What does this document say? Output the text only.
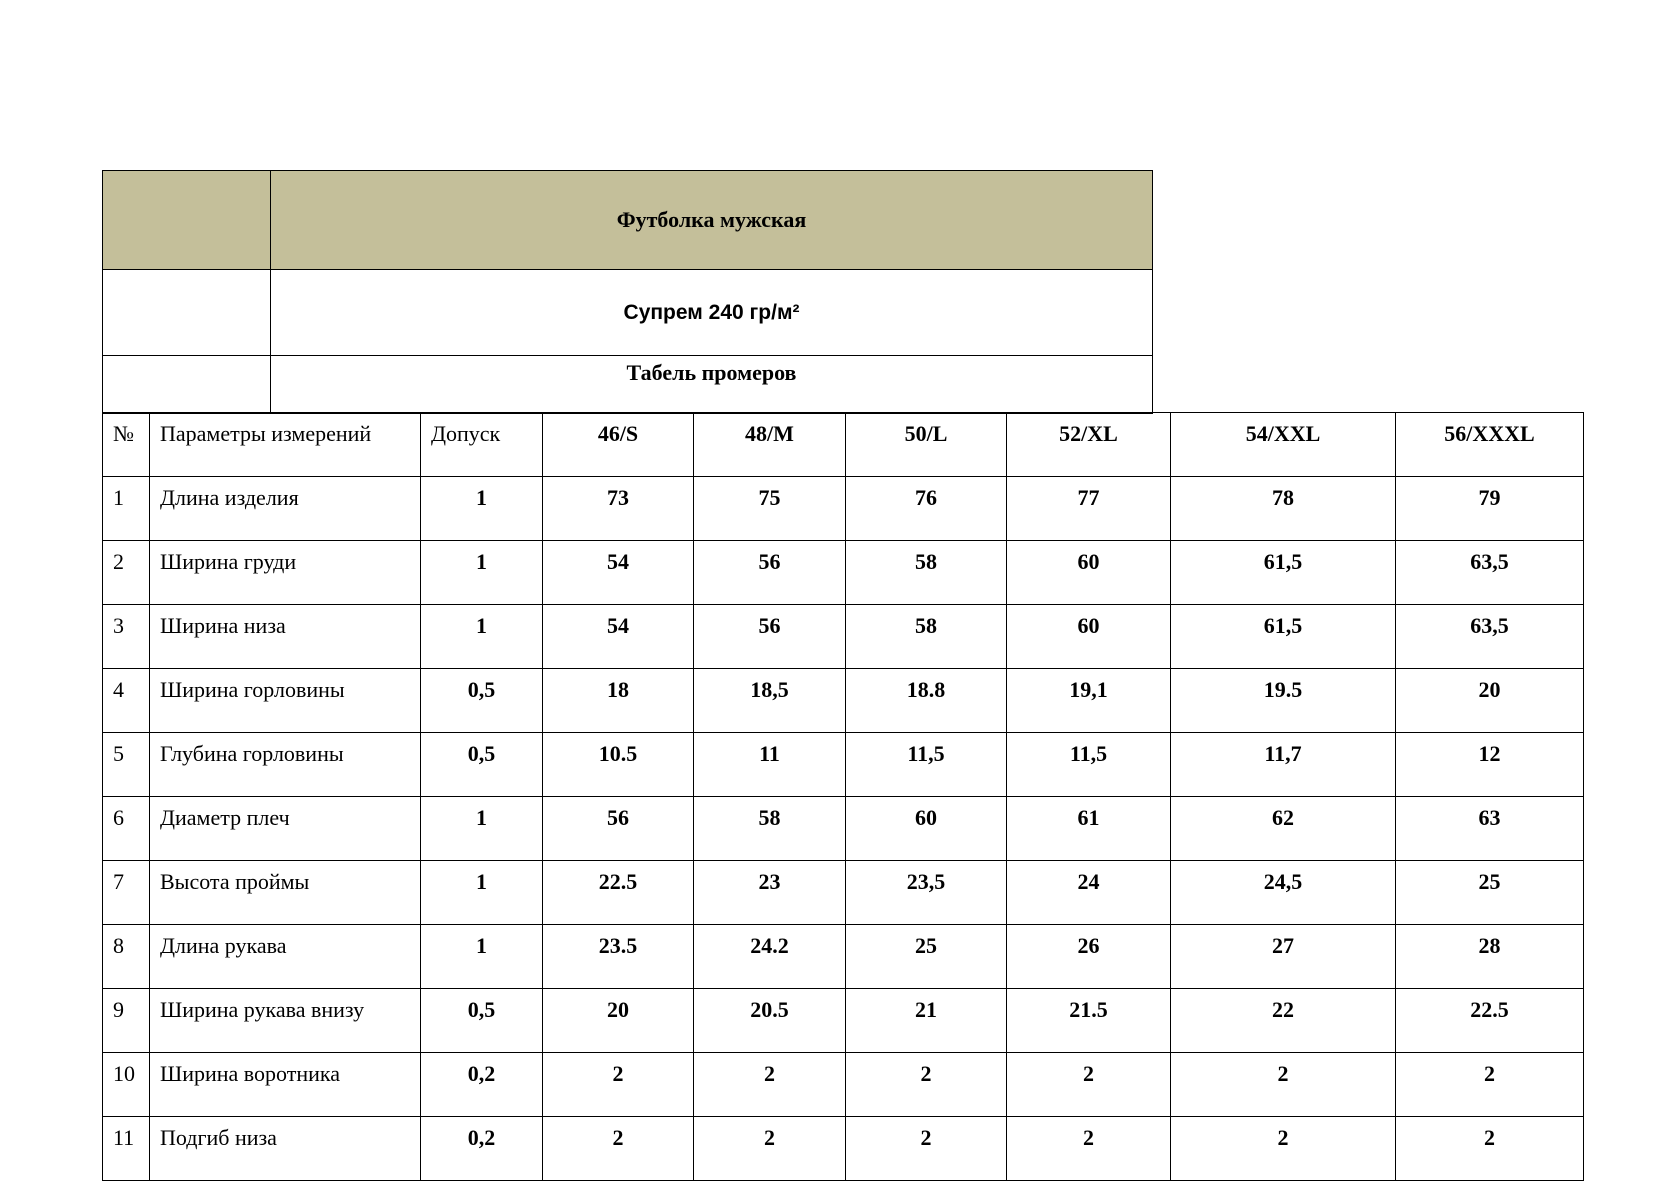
	Футболка мужская
	Супрем 240 гр/м²

	Табель промеров
№	Параметры измерений	Допуск	46/S	48/M	50/L	52/XL	54/XXL	56/XXXL
1	Длина изделия	1	73	75	76	77	78	79
2	Ширина груди	1	54	56	58	60	61,5	63,5
3	Ширина низа	1	54	56	58	60	61,5	63,5
4	Ширина горловины	0,5	18	18,5	18.8	19,1	19.5	20
5	Глубина горловины	0,5	10.5	11	11,5	11,5	11,7	12
6	Диаметр плеч	1	56	58	60	61	62	63
7	Высота проймы	1	22.5	23	23,5	24	24,5	25
8	Длина рукава	1	23.5	24.2	25	26	27	28
9	Ширина рукава внизу	0,5	20	20.5	21	21.5	22	22.5
10	Ширина воротника	0,2	2	2	2	2	2	2
11	Подгиб низа	0,2	2	2	2	2	2	2
